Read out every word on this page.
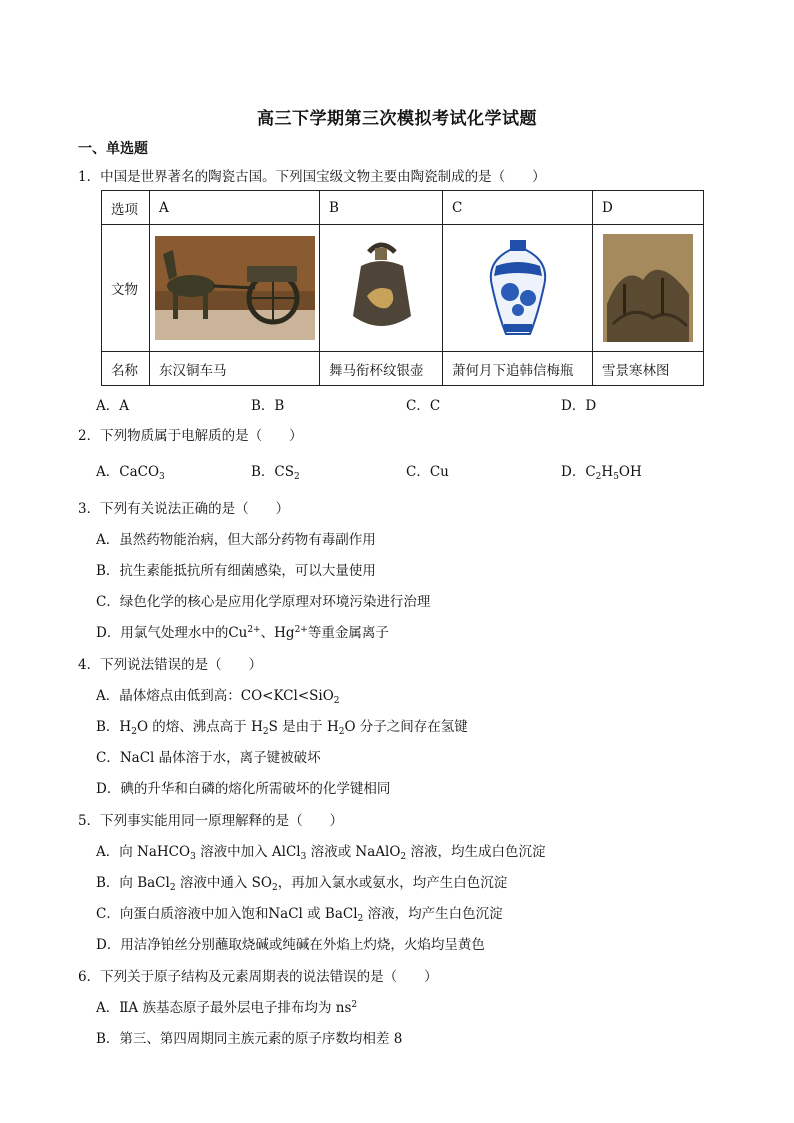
高三下学期第三次模拟考试化学试题
一、单选题
1．中国是世界著名的陶瓷古国。下列国宝级文物主要由陶瓷制成的是（　　）
选项	A	B	C	D
文物	

名称	东汉铜车马	舞马衔杯纹银壶	萧何月下追韩信梅瓶	雪景寒林图
A．A	B．B	C．C	D．D
2．下列物质属于电解质的是（　　）
A．CaCO$_3$	B．$CS_2$	C．Cu	D．$C_2H_5OH$
3．下列有关说法正确的是（　　）
A．虽然药物能治病，但大部分药物有毒副作用
B．抗生素能抵抗所有细菌感染，可以大量使用
C．绿色化学的核心是应用化学原理对环境污染进行治理
D．用氯气处理水中的$Cu^{2+}$、$Hg^{2+}$等重金属离子
4．下列说法错误的是（　　）
A．晶体熔点由低到高：CO<KCl<SiO$_2$
B．$H_2O$ 的熔、沸点高于 $H_2S$ 是由于 $H_2O$ 分子之间存在氢键
C．NaCl 晶体溶于水，离子键被破坏
D．碘的升华和白磷的熔化所需破坏的化学键相同
5．下列事实能用同一原理解释的是（　　）
A．向 NaHCO$_3$ 溶液中加入 AlCl$_3$ 溶液或 NaAlO$_2$ 溶液，均生成白色沉淀
B．向 BaCl$_2$ 溶液中通入 $SO_2$，再加入氯水或氨水，均产生白色沉淀
C．向蛋白质溶液中加入饱和NaCl 或 BaCl$_2$ 溶液，均产生白色沉淀
D．用洁净铂丝分别蘸取烧碱或纯碱在外焰上灼烧，火焰均呈黄色
6．下列关于原子结构及元素周期表的说法错误的是（　　）
A．ⅡA 族基态原子最外层电子排布均为 $ns^2$
B．第三、第四周期同主族元素的原子序数均相差 8
